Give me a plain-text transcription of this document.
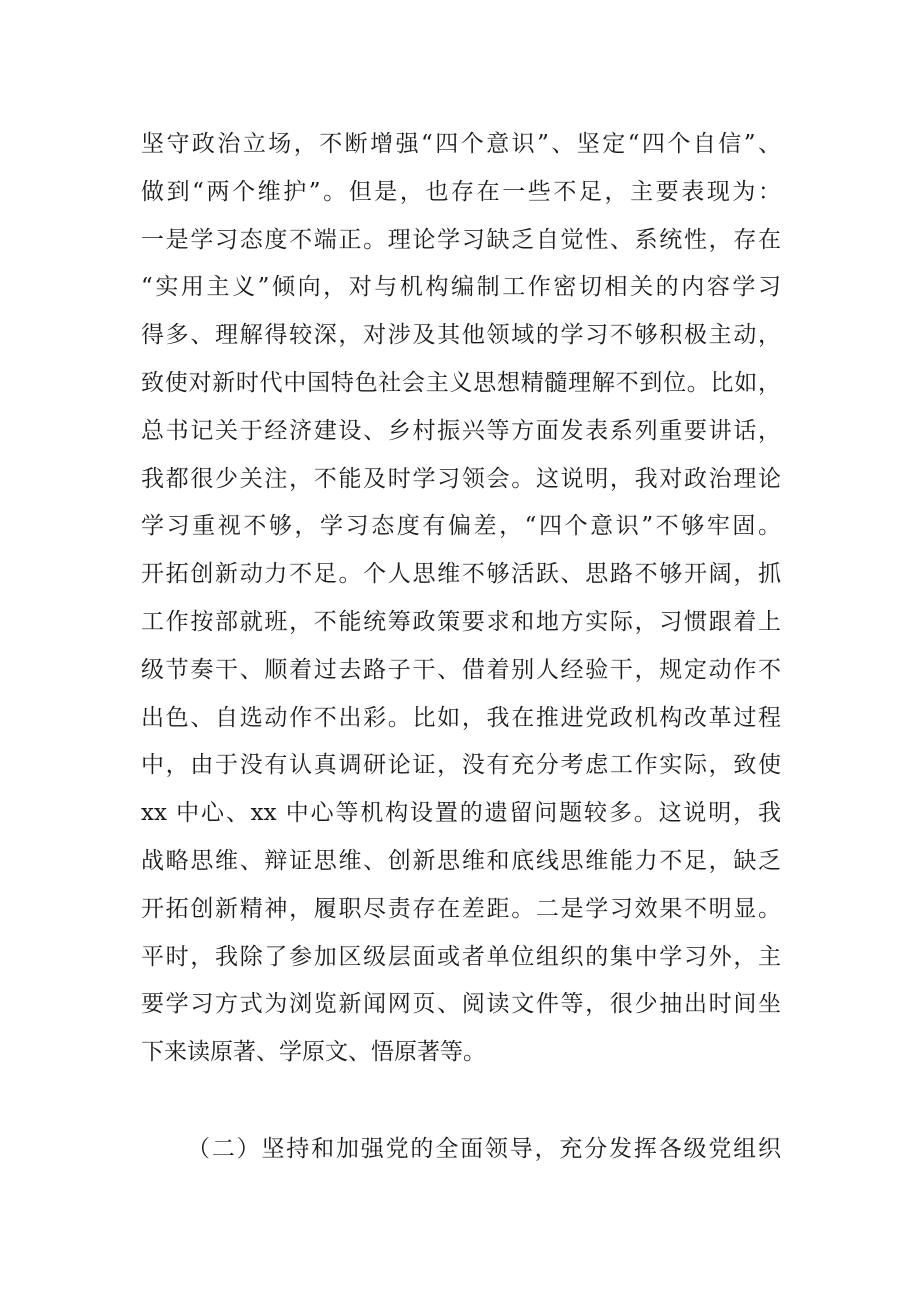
坚守政治立场，不断增强“四个意识”、坚定“四个自信”、
做到“两个维护”。但是，也存在一些不足，主要表现为：
一是学习态度不端正。理论学习缺乏自觉性、系统性，存在
“实用主义”倾向，对与机构编制工作密切相关的内容学习
得多、理解得较深，对涉及其他领域的学习不够积极主动，
致使对新时代中国特色社会主义思想精髓理解不到位。比如，
总书记关于经济建设、乡村振兴等方面发表系列重要讲话，
我都很少关注，不能及时学习领会。这说明，我对政治理论
学习重视不够，学习态度有偏差，“四个意识”不够牢固。
开拓创新动力不足。个人思维不够活跃、思路不够开阔，抓
工作按部就班，不能统筹政策要求和地方实际，习惯跟着上
级节奏干、顺着过去路子干、借着别人经验干，规定动作不
出色、自选动作不出彩。比如，我在推进党政机构改革过程
中，由于没有认真调研论证，没有充分考虑工作实际，致使
xx 中心、xx 中心等机构设置的遗留问题较多。这说明，我
战略思维、辩证思维、创新思维和底线思维能力不足，缺乏
开拓创新精神，履职尽责存在差距。二是学习效果不明显。
平时，我除了参加区级层面或者单位组织的集中学习外，主
要学习方式为浏览新闻网页、阅读文件等，很少抽出时间坐
下来读原著、学原文、悟原著等。

（二）坚持和加强党的全面领导，充分发挥各级党组织
